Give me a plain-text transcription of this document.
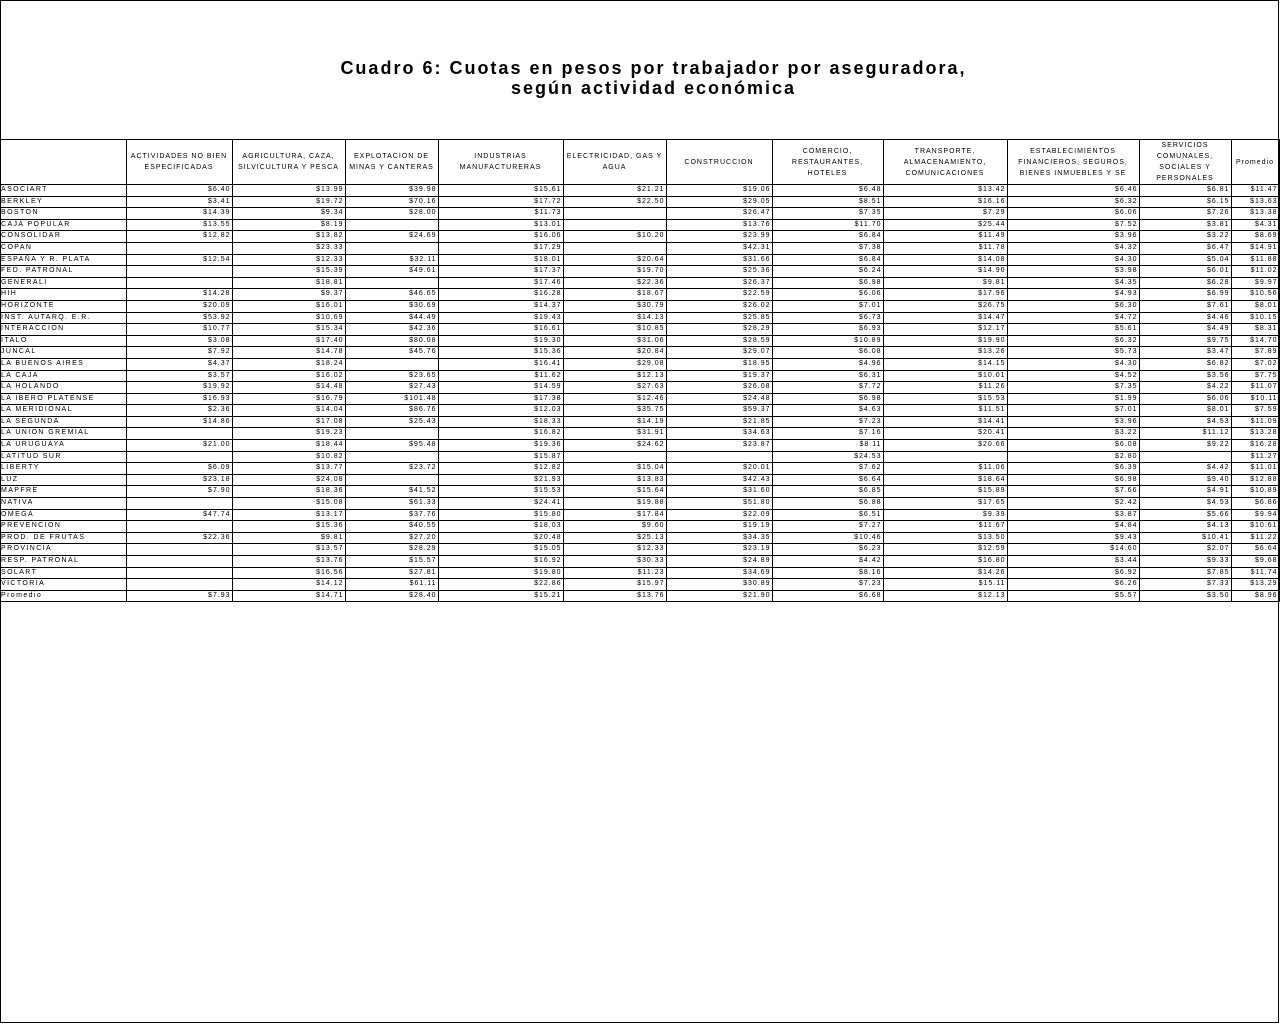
Cuadro 6: Cuotas en pesos por trabajador por aseguradora,
según actividad económica
	ACTIVIDADES NO BIEN ESPECIFICADAS	AGRICULTURA, CAZA, SILVICULTURA Y PESCA	EXPLOTACION DE MINAS Y CANTERAS	INDUSTRIAS MANUFACTURERAS	ELECTRICIDAD, GAS Y AGUA	CONSTRUCCION	COMERCIO, RESTAURANTES, HOTELES	TRANSPORTE, ALMACENAMIENTO, COMUNICACIONES	ESTABLECIMIENTOS FINANCIEROS, SEGUROS, BIENES INMUEBLES Y SE	SERVICIOS COMUNALES, SOCIALES Y PERSONALES	Promedio
ASOCIART	$6.40	$13.99	$39.98	$15.61	$21.21	$19.06	$6.48	$13.42	$6.46	$6.81	$11.47
BERKLEY	$3.41	$19.72	$70.16	$17.72	$22.50	$29.05	$8.51	$16.16	$6.32	$6.15	$13.63
BOSTON	$14.39	$9.34	$28.00	$11.73		$26.47	$7.35	$7.29	$6.06	$7.26	$13.38
CAJA POPULAR	$13.55	$8.19		$13.01		$13.76	$11.70	$25.44	$7.52	$3.81	$4.31
CONSOLIDAR	$12.82	$13.82	$24.69	$16.06	$10.20	$23.99	$6.84	$11.49	$3.96	$3.22	$8.69
COPAN		$23.33		$17.29		$42.31	$7.38	$11.78	$4.32	$6.47	$14.91
ESPAÑA Y R. PLATA	$12.54	$12.33	$32.11	$18.01	$20.64	$31.66	$6.84	$14.08	$4.30	$5.04	$11.88
FED. PATRONAL		$15.39	$49.61	$17.37	$19.70	$25.36	$6.24	$14.90	$3.98	$6.01	$11.02
GENERALI		$18.81		$17.46	$22.36	$26.37	$6.98	$9.81	$4.35	$6.28	$9.97
HIH	$14.28	$9.37	$46.65	$16.28	$18.67	$22.59	$6.06	$17.96	$4.93	$6.99	$10.56
HORIZONTE	$20.09	$16.01	$30.69	$14.37	$30.79	$26.02	$7.01	$26.75	$6.30	$7.61	$8.01
INST. AUTARQ. E.R.	$53.92	$10.69	$44.49	$19.43	$14.13	$25.85	$6.73	$14.47	$4.72	$4.46	$10.15
INTERACCION	$10.77	$15.34	$42.36	$16.61	$10.85	$28.29	$6.93	$12.17	$5.61	$4.49	$8.31
ITALO	$3.08	$17.40	$80.08	$19.30	$31.06	$28.59	$10.89	$19.90	$6.32	$9.75	$14.70
JUNCAL	$7.92	$14.78	$45.76	$15.36	$20.84	$29.07	$6.08	$13.26	$5.73	$3.47	$7.89
LA BUENOS AIRES	$4.37	$18.24		$16.41	$29.08	$18.95	$4.96	$14.15	$4.30	$6.82	$7.02
LA CAJA	$3.57	$16.02	$23.65	$11.62	$12.13	$19.37	$6.31	$10.01	$4.52	$3.56	$7.75
LA HOLANDO	$19.92	$14.48	$27.43	$14.59	$27.63	$26.08	$7.72	$11.26	$7.35	$4.22	$11.07
LA IBERO PLATENSE	$16.93	$16.79	$101.48	$17.38	$12.46	$24.48	$6.98	$15.53	$1.99	$6.06	$10.11
LA MERIDIONAL	$2.36	$14.04	$86.76	$12.03	$35.75	$59.37	$4.63	$11.51	$7.01	$8.01	$7.59
LA SEGUNDA	$14.86	$17.08	$25.43	$18.33	$14.19	$21.85	$7.23	$14.41	$3.96	$4.53	$11.09
LA UNION GREMIAL		$19.23		$16.82	$31.91	$34.63	$7.16	$20.41	$3.22	$11.12	$13.28
LA URUGUAYA	$21.00	$18.44	$95.48	$19.36	$24.62	$23.87	$8.11	$20.66	$6.08	$9.22	$16.28
LATITUD SUR		$10.82		$15.87			$24.53		$2.80		$11.27
LIBERTY	$6.09	$13.77	$23.72	$12.82	$15.04	$20.01	$7.62	$11.06	$6.39	$4.42	$11.01
LUZ	$23.18	$24.08		$21.93	$13.83	$42.43	$6.64	$18.64	$6.98	$9.40	$12.88
MAPFRE	$7.90	$18.36	$41.52	$15.53	$15.64	$31.60	$6.85	$15.89	$7.66	$4.91	$10.89
NATIVA		$15.08	$61.33	$24.41	$19.88	$51.80	$6.88	$17.65	$2.42	$4.53	$6.86
OMEGA	$47.74	$13.17	$37.76	$15.80	$17.84	$22.09	$6.51	$9.39	$3.87	$5.66	$9.94
PREVENCION		$15.36	$40.55	$18.03	$9.60	$19.19	$7.27	$11.67	$4.84	$4.13	$10.61
PROD. DE FRUTAS	$22.36	$9.81	$27.20	$20.48	$25.13	$34.35	$10.46	$13.50	$9.43	$10.41	$11.22
PROVINCIA		$13.57	$28.29	$15.05	$12.33	$23.19	$6.23	$12.59	$14.60	$2.07	$6.64
RESP. PATRONAL		$13.76	$15.57	$16.92	$30.33	$24.89	$4.42	$16.80	$3.44	$9.33	$9.68
SOLART		$16.56	$27.81	$19.80	$11.23	$34.69	$8.16	$14.26	$6.92	$7.85	$11.74
VICTORIA		$14.12	$61.11	$22.86	$15.97	$30.89	$7.23	$15.11	$6.26	$7.33	$13.29
Promedio	$7.93	$14.71	$28.40	$15.21	$13.76	$21.90	$6.68	$12.13	$5.57	$3.50	$8.96
